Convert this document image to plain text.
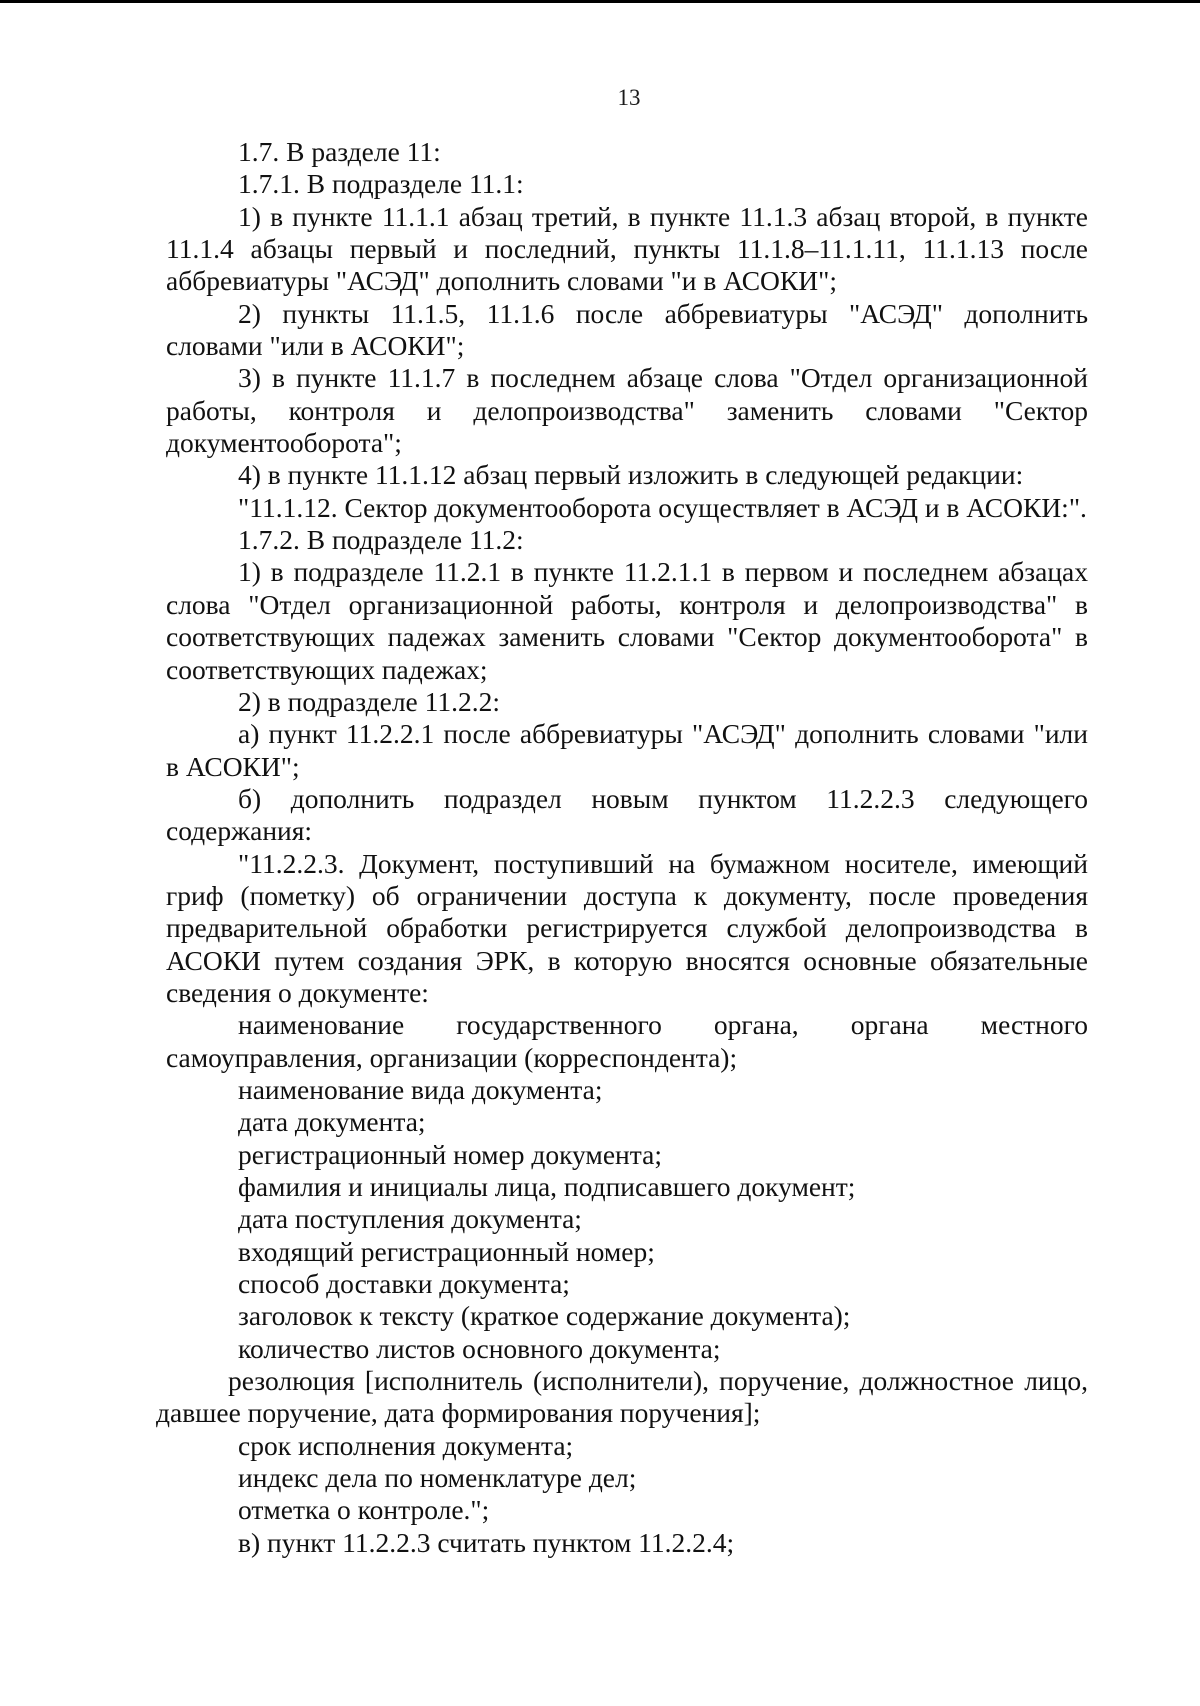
13

1.7. В разделе 11:

1.7.1. В подразделе 11.1:

1) в пункте 11.1.1 абзац третий, в пункте 11.1.3 абзац второй, в пункте 11.1.4 абзацы первый и последний, пункты 11.1.8–11.1.11, 11.1.13 после аббревиатуры "АСЭД" дополнить словами "и в АСОКИ";

2) пункты 11.1.5, 11.1.6 после аббревиатуры "АСЭД" дополнить словами "или в АСОКИ";

3) в пункте 11.1.7 в последнем абзаце слова "Отдел организационной работы, контроля и делопроизводства" заменить словами "Сектор документооборота";

4) в пункте 11.1.12 абзац первый изложить в следующей редакции:

"11.1.12. Сектор документооборота осуществляет в АСЭД и в АСОКИ:".

1.7.2. В подразделе 11.2:

1) в подразделе 11.2.1 в пункте 11.2.1.1 в первом и последнем абзацах слова "Отдел организационной работы, контроля и делопроизводства" в соответствующих падежах заменить словами "Сектор документооборота" в соответствующих падежах;

2) в подразделе 11.2.2:

а) пункт 11.2.2.1 после аббревиатуры "АСЭД" дополнить словами "или в АСОКИ";

б) дополнить подраздел новым пунктом 11.2.2.3 следующего содержания:

"11.2.2.3. Документ, поступивший на бумажном носителе, имеющий гриф (пометку) об ограничении доступа к документу, после проведения предварительной обработки регистрируется службой делопроизводства в АСОКИ путем создания ЭРК, в которую вносятся основные обязательные сведения о документе:

наименование государственного органа, органа местного самоуправления, организации (корреспондента);

наименование вида документа;

дата документа;

регистрационный номер документа;

фамилия и инициалы лица, подписавшего документ;

дата поступления документа;

входящий регистрационный номер;

способ доставки документа;

заголовок к тексту (краткое содержание документа);

количество листов основного документа;

резолюция [исполнитель (исполнители), поручение, должностное лицо, давшее поручение, дата формирования поручения];

срок исполнения документа;

индекс дела по номенклатуре дел;

отметка о контроле.";

в) пункт 11.2.2.3 считать пунктом 11.2.2.4;
